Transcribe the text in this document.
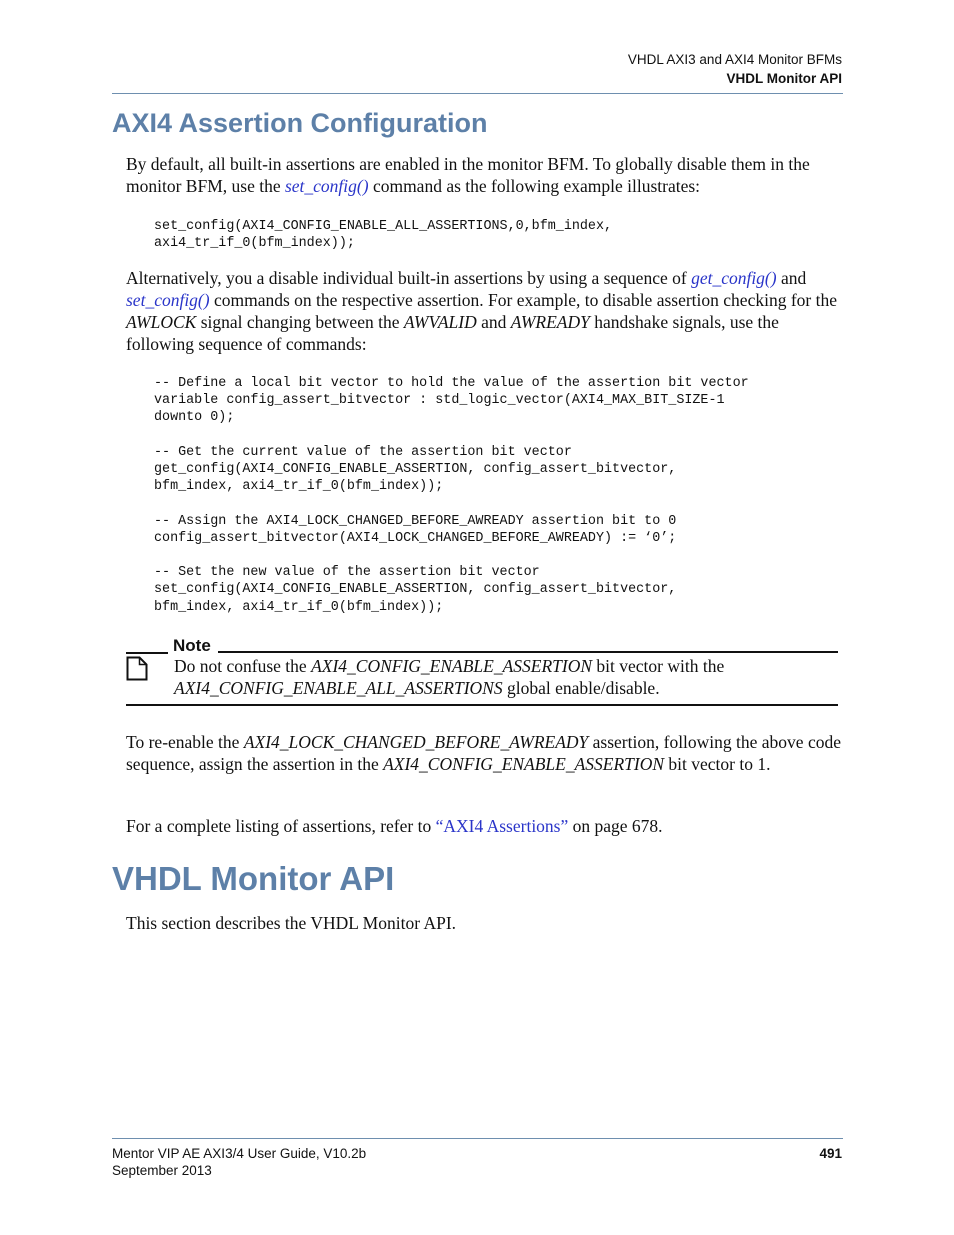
VHDL AXI3 and AXI4 Monitor BFMs
VHDL Monitor API
AXI4 Assertion Configuration
By default, all built-in assertions are enabled in the monitor BFM. To globally disable them in the monitor BFM, use the set_config() command as the following example illustrates:
set_config(AXI4_CONFIG_ENABLE_ALL_ASSERTIONS,0,bfm_index,
axi4_tr_if_0(bfm_index));
Alternatively, you a disable individual built-in assertions by using a sequence of get_config() and set_config() commands on the respective assertion. For example, to disable assertion checking for the AWLOCK signal changing between the AWVALID and AWREADY handshake signals, use the following sequence of commands:
-- Define a local bit vector to hold the value of the assertion bit vector
variable config_assert_bitvector : std_logic_vector(AXI4_MAX_BIT_SIZE-1
downto 0);

-- Get the current value of the assertion bit vector
get_config(AXI4_CONFIG_ENABLE_ASSERTION, config_assert_bitvector,
bfm_index, axi4_tr_if_0(bfm_index));

-- Assign the AXI4_LOCK_CHANGED_BEFORE_AWREADY assertion bit to 0
config_assert_bitvector(AXI4_LOCK_CHANGED_BEFORE_AWREADY) := ‘0’;

-- Set the new value of the assertion bit vector
set_config(AXI4_CONFIG_ENABLE_ASSERTION, config_assert_bitvector,
bfm_index, axi4_tr_if_0(bfm_index));
Note
Do not confuse the AXI4_CONFIG_ENABLE_ASSERTION bit vector with the AXI4_CONFIG_ENABLE_ALL_ASSERTIONS global enable/disable.
To re-enable the AXI4_LOCK_CHANGED_BEFORE_AWREADY assertion, following the above code sequence, assign the assertion in the AXI4_CONFIG_ENABLE_ASSERTION bit vector to 1.
For a complete listing of assertions, refer to “AXI4 Assertions” on page 678.
VHDL Monitor API
This section describes the VHDL Monitor API.
Mentor VIP AE AXI3/4 User Guide, V10.2b
September 2013
491
